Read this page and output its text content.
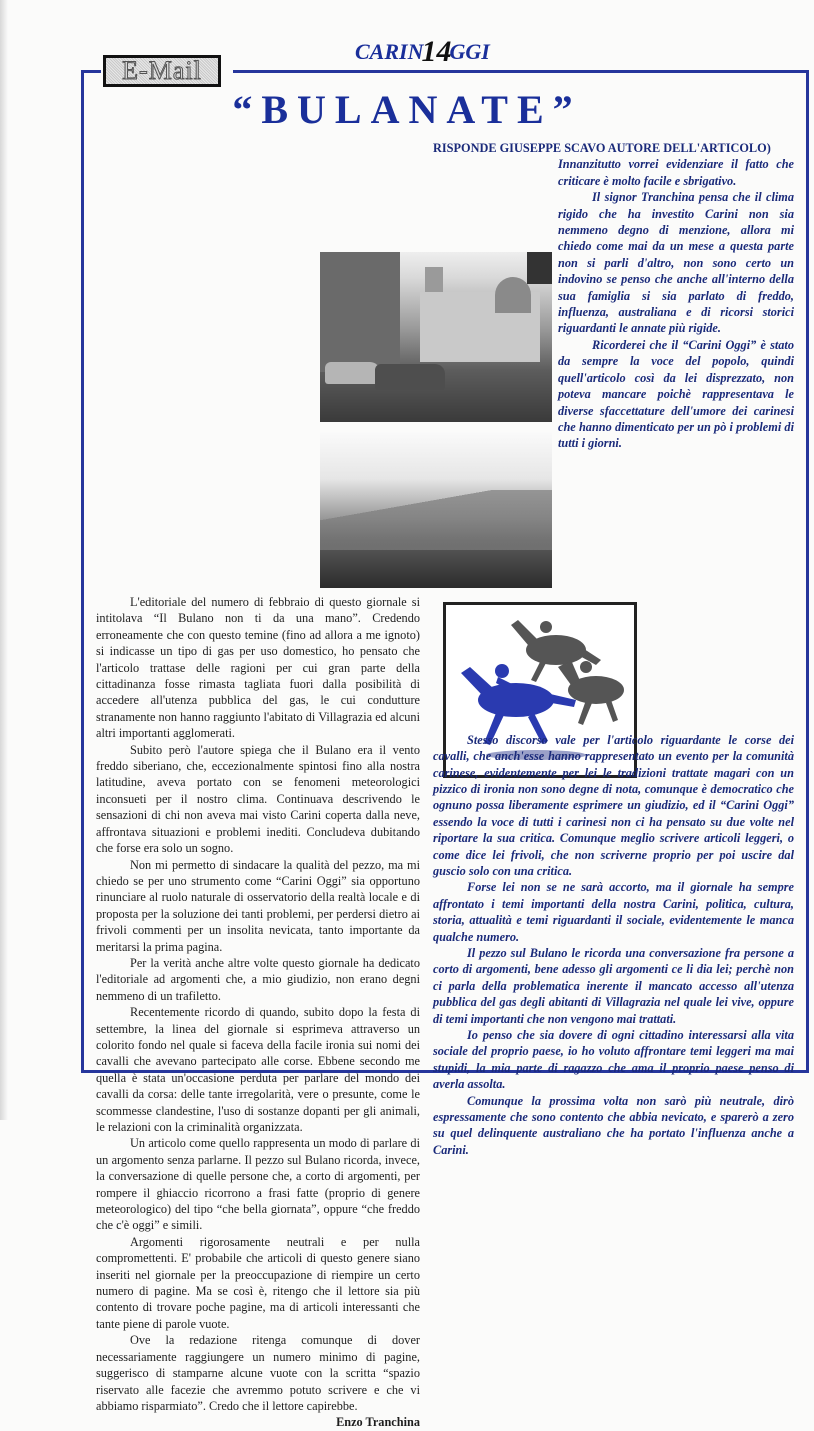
CARIN14GGI
E-Mail
“BULANATE”

L'editoriale del numero di febbraio di questo giornale si intitolava “Il Bulano non ti da una mano”. Credendo erroneamente che con questo temine (fino ad allora a me ignoto) si indicasse un tipo di gas per uso domestico, ho pensato che l'articolo trattase delle ragioni per cui gran parte della cittadinanza fosse rimasta tagliata fuori dalla posibilità di accedere all'utenza pubblica del gas, le cui condutture stranamente non hanno raggiunto l'abitato di Villagrazia ed alcuni altri importanti agglomerati.

Subito però l'autore spiega che il Bulano era il vento freddo siberiano, che, eccezionalmente spintosi fino alla nostra latitudine, aveva portato con se fenomeni meteorologici inconsueti per il nostro clima. Continuava descrivendo le sensazioni di chi non aveva mai visto Carini coperta dalla neve, affrontava situazioni e problemi inediti. Concludeva dubitando che forse era solo un sogno.

Non mi permetto di sindacare la qualità del pezzo, ma mi chiedo se per uno strumento come “Carini Oggi” sia opportuno rinunciare al ruolo naturale di osservatorio della realtà locale e di proposta per la soluzione dei tanti problemi, per perdersi dietro ai frivoli commenti per un insolita nevicata, tanto importante da meritarsi la prima pagina.

Per la verità anche altre volte questo giornale ha dedicato l'editoriale ad argomenti che, a mio giudizio, non erano degni nemmeno di un trafiletto.

Recentemente ricordo di quando, subito dopo la festa di settembre, la linea del giornale si esprimeva attraverso un colorito fondo nel quale si faceva della facile ironia sui nomi dei cavalli che avevano partecipato alle corse. Ebbene secondo me quella è stata un'occasione perduta per parlare del mondo dei cavalli da corsa: delle tante irregolarità, vere o presunte, come le scommesse clandestine, l'uso di sostanze dopanti per gli animali, le relazioni con la criminalità organizzata.

Un articolo come quello rappresenta un modo di parlare di un argomento senza parlarne. Il pezzo sul Bulano ricorda, invece, la conversazione di quelle persone che, a corto di argomenti, per rompere il ghiaccio ricorrono a frasi fatte (proprio di genere meteorologico) del tipo “che bella giornata”, oppure “che freddo che c'è oggi” e simili.

Argomenti rigorosamente neutrali e per nulla compromettenti. E' probabile che articoli di questo genere siano inseriti nel giornale per la preoccupazione di riempire un certo numero di pagine. Ma se così è, ritengo che il lettore sia più contento di trovare poche pagine, ma di articoli interessanti che tante piene di parole vuote.

Ove la redazione ritenga comunque di dover necessariamente raggiungere un numero minimo di pagine, suggerisco di stamparne alcune vuote con la scritta “spazio riservato alle facezie che avremmo potuto scrivere e che vi abbiamo risparmiato”. Credo che il lettore capirebbe.

Enzo Tranchina

RISPONDE GIUSEPPE SCAVO AUTORE DELL'ARTICOLO)

Innanzitutto vorrei evidenziare il fatto che criticare è molto facile e sbrigativo.

Il signor Tranchina pensa che il clima rigido che ha investito Carini non sia nemmeno degno di menzione, allora mi chiedo come mai da un mese a questa parte non si parli d'altro, non sono certo un indovino se penso che anche all'interno della sua famiglia si sia parlato di freddo, influenza, australiana e di ricorsi storici riguardanti le annate più rigide.

Ricorderei che il “Carini Oggi” è stato da sempre la voce del popolo, quindi quell'articolo così da lei disprezzato, non poteva mancare poichè rappresentava le diverse sfaccettature dell'umore dei carinesi che hanno dimenticato per un pò i problemi di tutti i giorni.

Stesso discorso vale per l'articolo riguardante le corse dei cavalli, che anch'esse hanno rappresentato un evento per la comunità carinese, evidentemente per lei le tradizioni trattate magari con un pizzico di ironia non sono degne di nota, comunque è democratico che ognuno possa liberamente esprimere un giudizio, ed il “Carini Oggi” essendo la voce di tutti i carinesi non ci ha pensato su due volte nel riportare la sua critica. Comunque meglio scrivere articoli leggeri, o come dice lei frivoli, che non scriverne proprio per poi uscire dal guscio solo con una critica.

Forse lei non se ne sarà accorto, ma il giornale ha sempre affrontato i temi importanti della nostra Carini, politica, cultura, storia, attualità e temi riguardanti il sociale, evidentemente le manca qualche numero.

Il pezzo sul Bulano le ricorda una conversazione fra persone a corto di argomenti, bene adesso gli argomenti ce li dia lei; perchè non ci parla della problematica inerente il mancato accesso all'utenza pubblica del gas degli abitanti di Villagrazia nel quale lei vive, oppure di temi importanti che non vengono mai trattati.

Io penso che sia dovere di ogni cittadino interessarsi alla vita sociale del proprio paese, io ho voluto affrontare temi leggeri ma mai stupidi, la mia parte di ragazzo che ama il proprio paese penso di averla assolta.

Comunque la prossima volta non sarò più neutrale, dirò espressamente che sono contento che abbia nevicato, e sparerò a zero su quel delinquente australiano che ha portato l'influenza anche a Carini.
